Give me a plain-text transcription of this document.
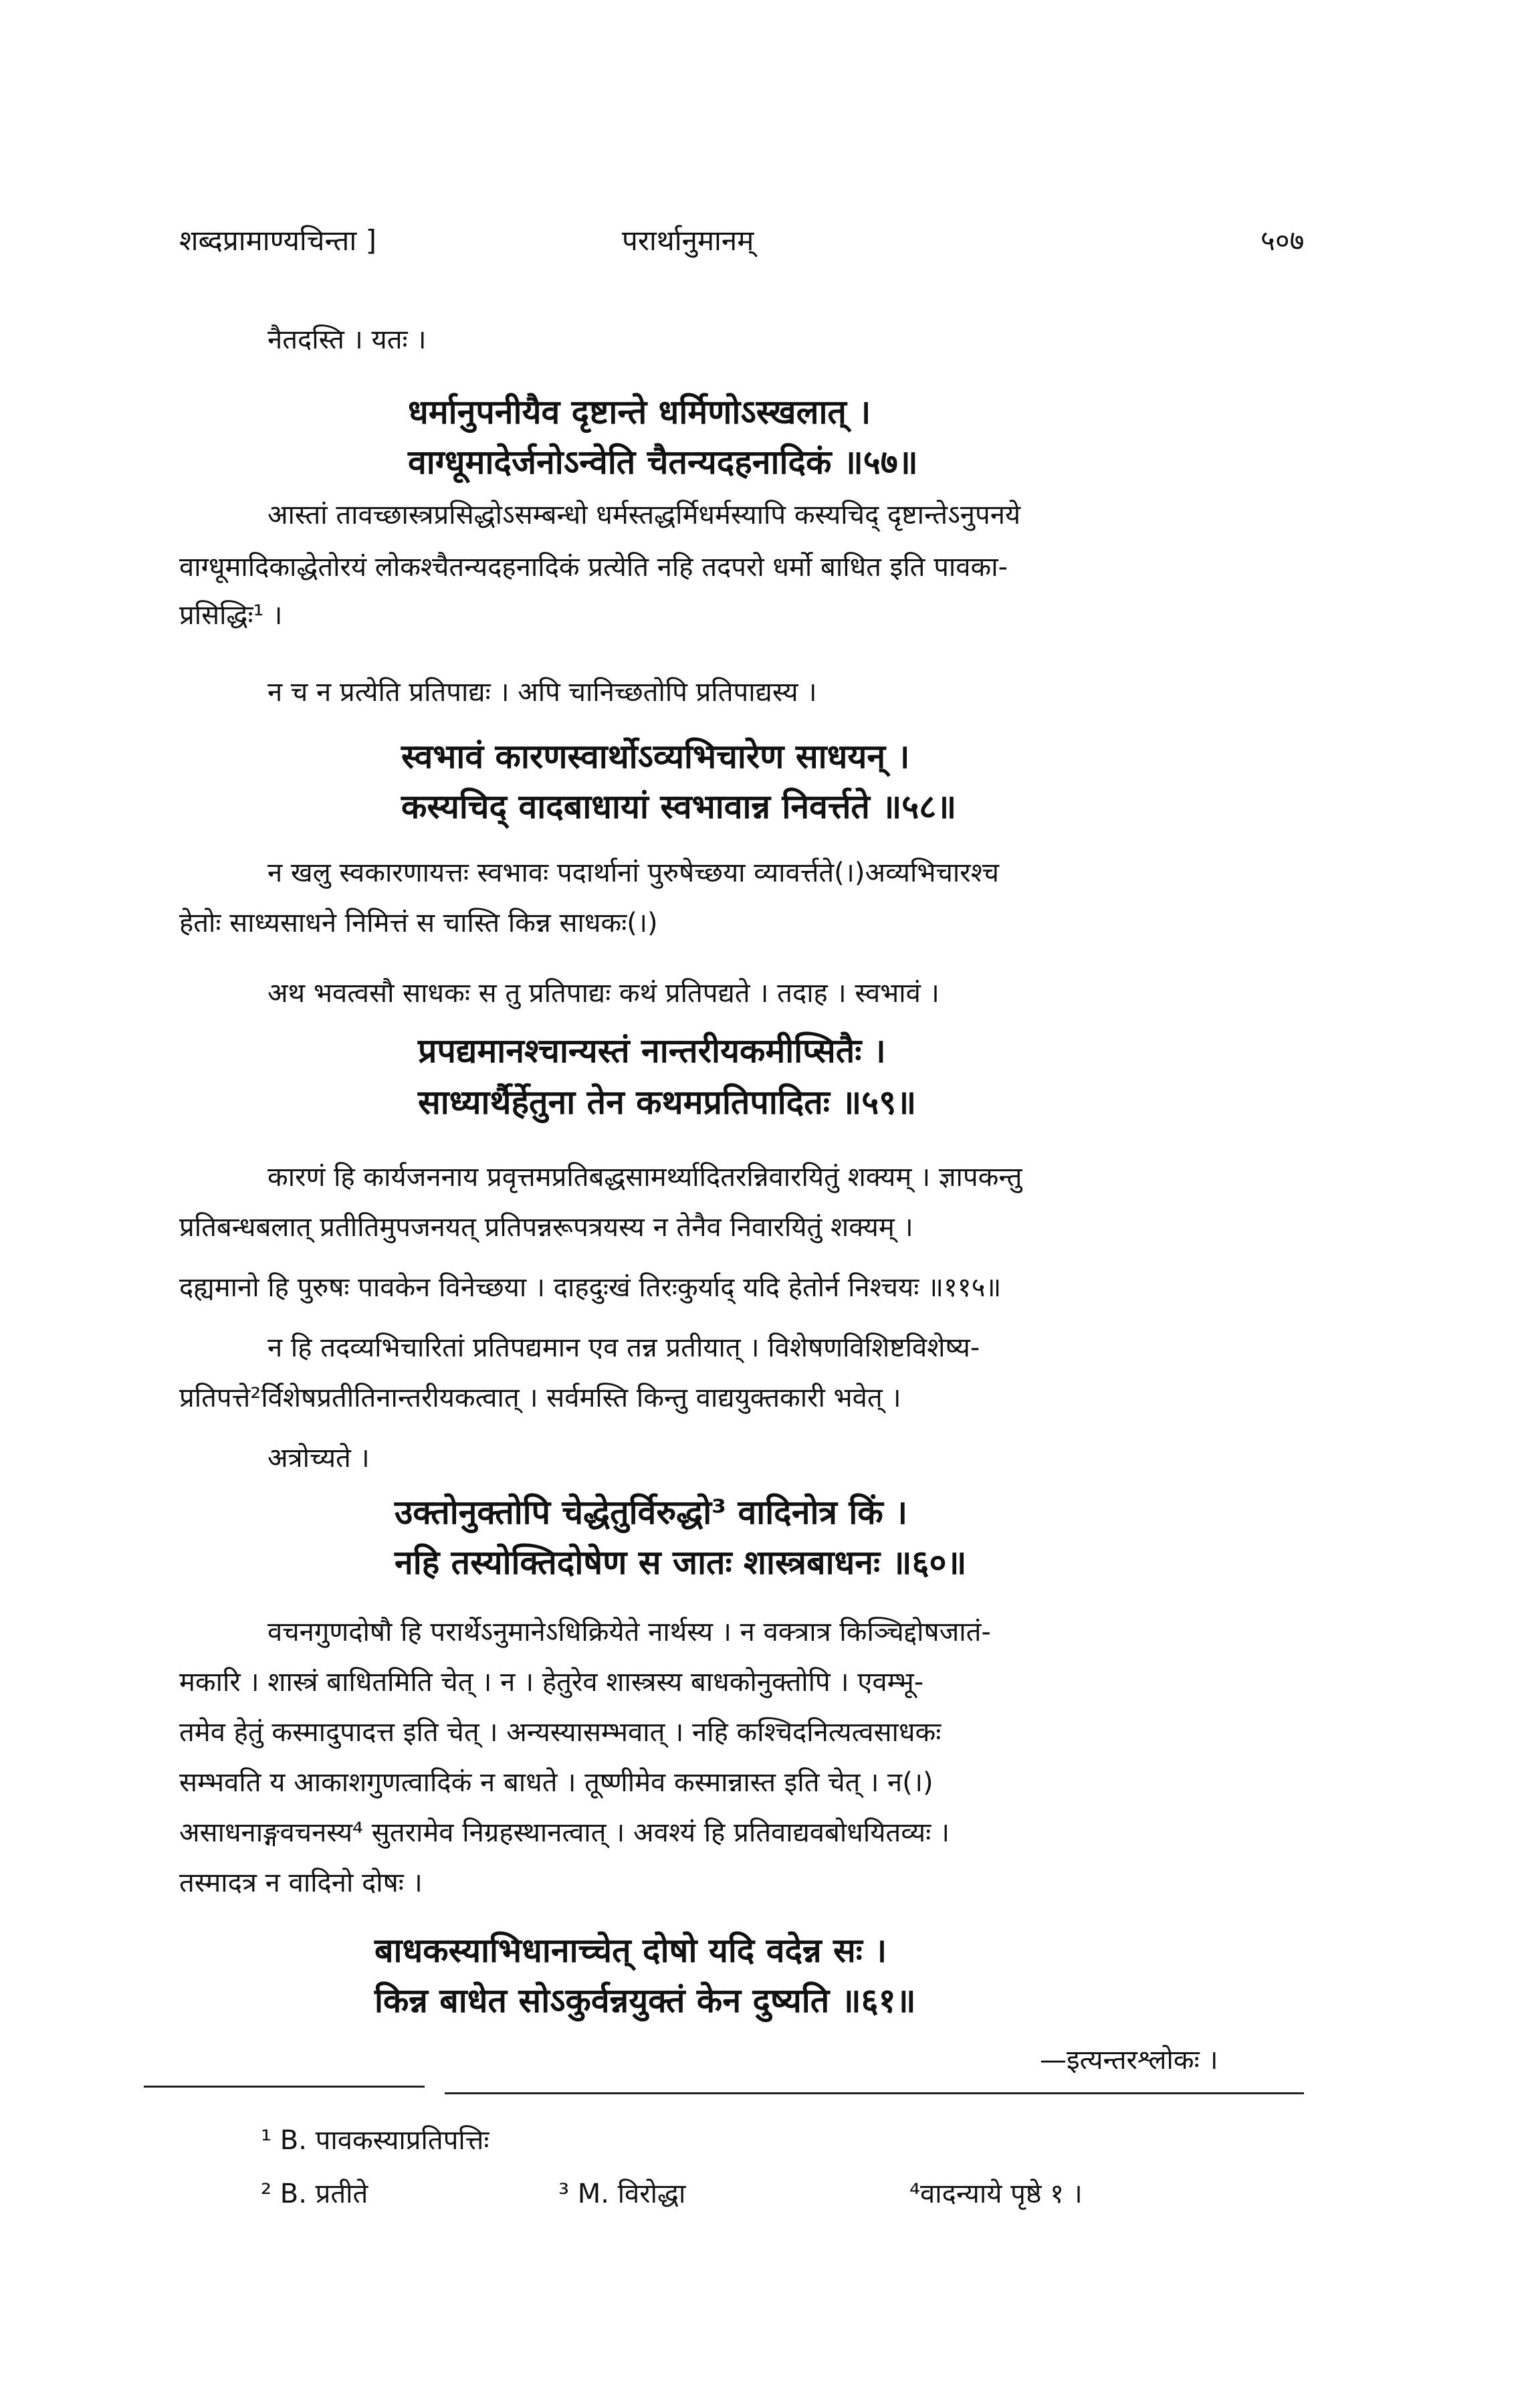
शब्दप्रामाण्यचिन्ता ]	परार्थानुमानम्	५०७
नैतदस्ति । यतः ।
धर्मानुपनीयैव दृष्टान्ते धर्मिणोऽस्खलात् ।
वाग्धूमादेर्जनोऽन्वेति चैतन्यदहनादिकं ॥५७॥
आस्तां तावच्छास्त्रप्रसिद्धोऽसम्बन्धो धर्मस्तद्धर्मिधर्मस्यापि कस्यचिद् दृष्टान्तेऽनुपनये
वाग्धूमादिकाद्धेतोरयं लोकश्चैतन्यदहनादिकं प्रत्येति नहि तदपरो धर्मो बाधित इति पावका-
प्रसिद्धिः¹ ।
न च न प्रत्येति प्रतिपाद्यः । अपि चानिच्छतोपि प्रतिपाद्यस्य ।
स्वभावं कारणस्वार्थोऽव्यभिचारेण साधयन् ।
कस्यचिद् वादबाधायां स्वभावान्न निवर्त्तते ॥५८॥
न खलु स्वकारणायत्तः स्वभावः पदार्थानां पुरुषेच्छया व्यावर्त्तते(।)अव्यभिचारश्च
हेतोः साध्यसाधने निमित्तं स चास्ति किन्न साधकः(।)
अथ भवत्वसौ साधकः स तु प्रतिपाद्यः कथं प्रतिपद्यते । तदाह । स्वभावं ।
प्रपद्यमानश्चान्यस्तं नान्तरीयकमीप्सितैः ।
साध्यार्थैर्हेतुना तेन कथमप्रतिपादितः ॥५९॥
कारणं हि कार्यजननाय प्रवृत्तमप्रतिबद्धसामर्थ्यादितरन्निवारयितुं शक्यम् । ज्ञापकन्तु
प्रतिबन्धबलात् प्रतीतिमुपजनयत् प्रतिपन्नरूपत्रयस्य न तेनैव निवारयितुं शक्यम् ।
दह्यमानो हि पुरुषः पावकेन विनेच्छया । दाहदुःखं तिरःकुर्याद् यदि हेतोर्न निश्चयः ॥११५॥
न हि तदव्यभिचारितां प्रतिपद्यमान एव तन्न प्रतीयात् । विशेषणविशिष्टविशेष्य-
प्रतिपत्ते²र्विशेषप्रतीतिनान्तरीयकत्वात् । सर्वमस्ति किन्तु वाद्ययुक्तकारी भवेत् ।
अत्रोच्यते ।
उक्तोनुक्तोपि चेद्धेतुर्विरुद्धो³ वादिनोत्र किं ।
नहि तस्योक्तिदोषेण स जातः शास्त्रबाधनः ॥६०॥
वचनगुणदोषौ हि परार्थेऽनुमानेऽधिक्रियेते नार्थस्य । न वक्त्रात्र किञ्चिद्दोषजातं-
मकारि । शास्त्रं बाधितमिति चेत् । न । हेतुरेव शास्त्रस्य बाधकोनुक्तोपि । एवम्भू-
तमेव हेतुं कस्मादुपादत्त इति चेत् । अन्यस्यासम्भवात् । नहि कश्चिदनित्यत्वसाधकः
सम्भवति य आकाशगुणत्वादिकं न बाधते । तूष्णीमेव कस्मान्नास्त इति चेत् । न(।)
असाधनाङ्गवचनस्य⁴ सुतरामेव निग्रहस्थानत्वात् । अवश्यं हि प्रतिवाद्यवबोधयितव्यः ।
तस्मादत्र न वादिनो दोषः ।
बाधकस्याभिधानाच्चेत् दोषो यदि वदेन्न सः ।
किन्न बाधेत सोऽकुर्वन्नयुक्तं केन दुष्यति ॥६१॥
—इत्यन्तरश्लोकः ।
¹ B. पावकस्याप्रतिपत्तिः
² B. प्रतीते	³ M. विरोद्धा	⁴वादन्याये पृष्ठे १ ।
